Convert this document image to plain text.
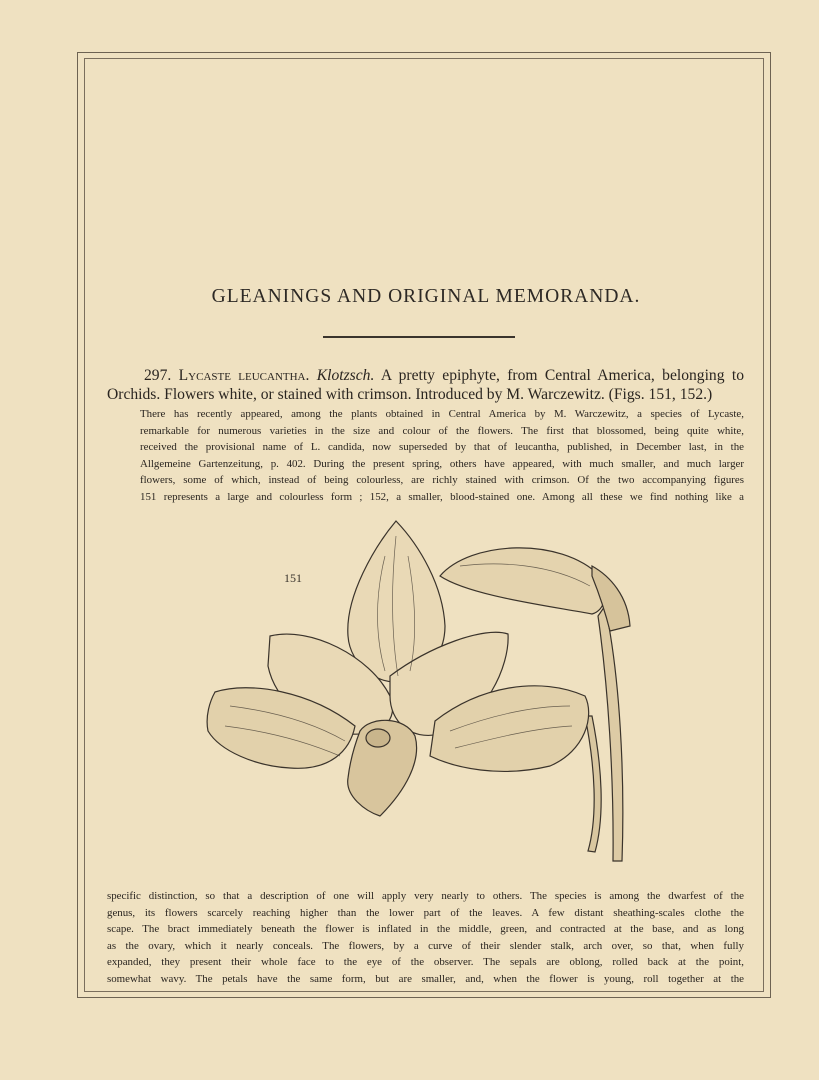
GLEANINGS AND ORIGINAL MEMORANDA.

297. Lycaste leucantha. Klotzsch. A pretty epiphyte, from Central America, belonging to Orchids. Flowers white, or stained with crimson. Introduced by M. Warczewitz. (Figs. 151, 152.)

There has recently appeared, among the plants obtained in Central America by M. Warczewitz, a species of Lycaste,
remarkable for numerous varieties in the size and colour of the flowers. The first that blossomed, being quite white,
received the provisional name of L. candida, now superseded by that of leucantha, published, in December last, in the
Allgemeine Gartenzeitung, p. 402. During the present spring, others have appeared, with much smaller, and much larger
flowers, some of which, instead of being colourless, are richly stained with crimson. Of the two accompanying figures
151 represents a large and colourless form ; 152, a smaller, blood-stained one. Among all these we find nothing like a

151

specific distinction, so that a description of one will apply very nearly to others. The species is among the dwarfest of the
genus, its flowers scarcely reaching higher than the lower part of the leaves. A few distant sheathing-scales clothe the
scape. The bract immediately beneath the flower is inflated in the middle, green, and contracted at the base, and as long
as the ovary, which it nearly conceals. The flowers, by a curve of their slender stalk, arch over, so that, when fully
expanded, they present their whole face to the eye of the observer. The sepals are oblong, rolled back at the point,
somewhat wavy. The petals have the same form, but are smaller, and, when the flower is young, roll together at the
